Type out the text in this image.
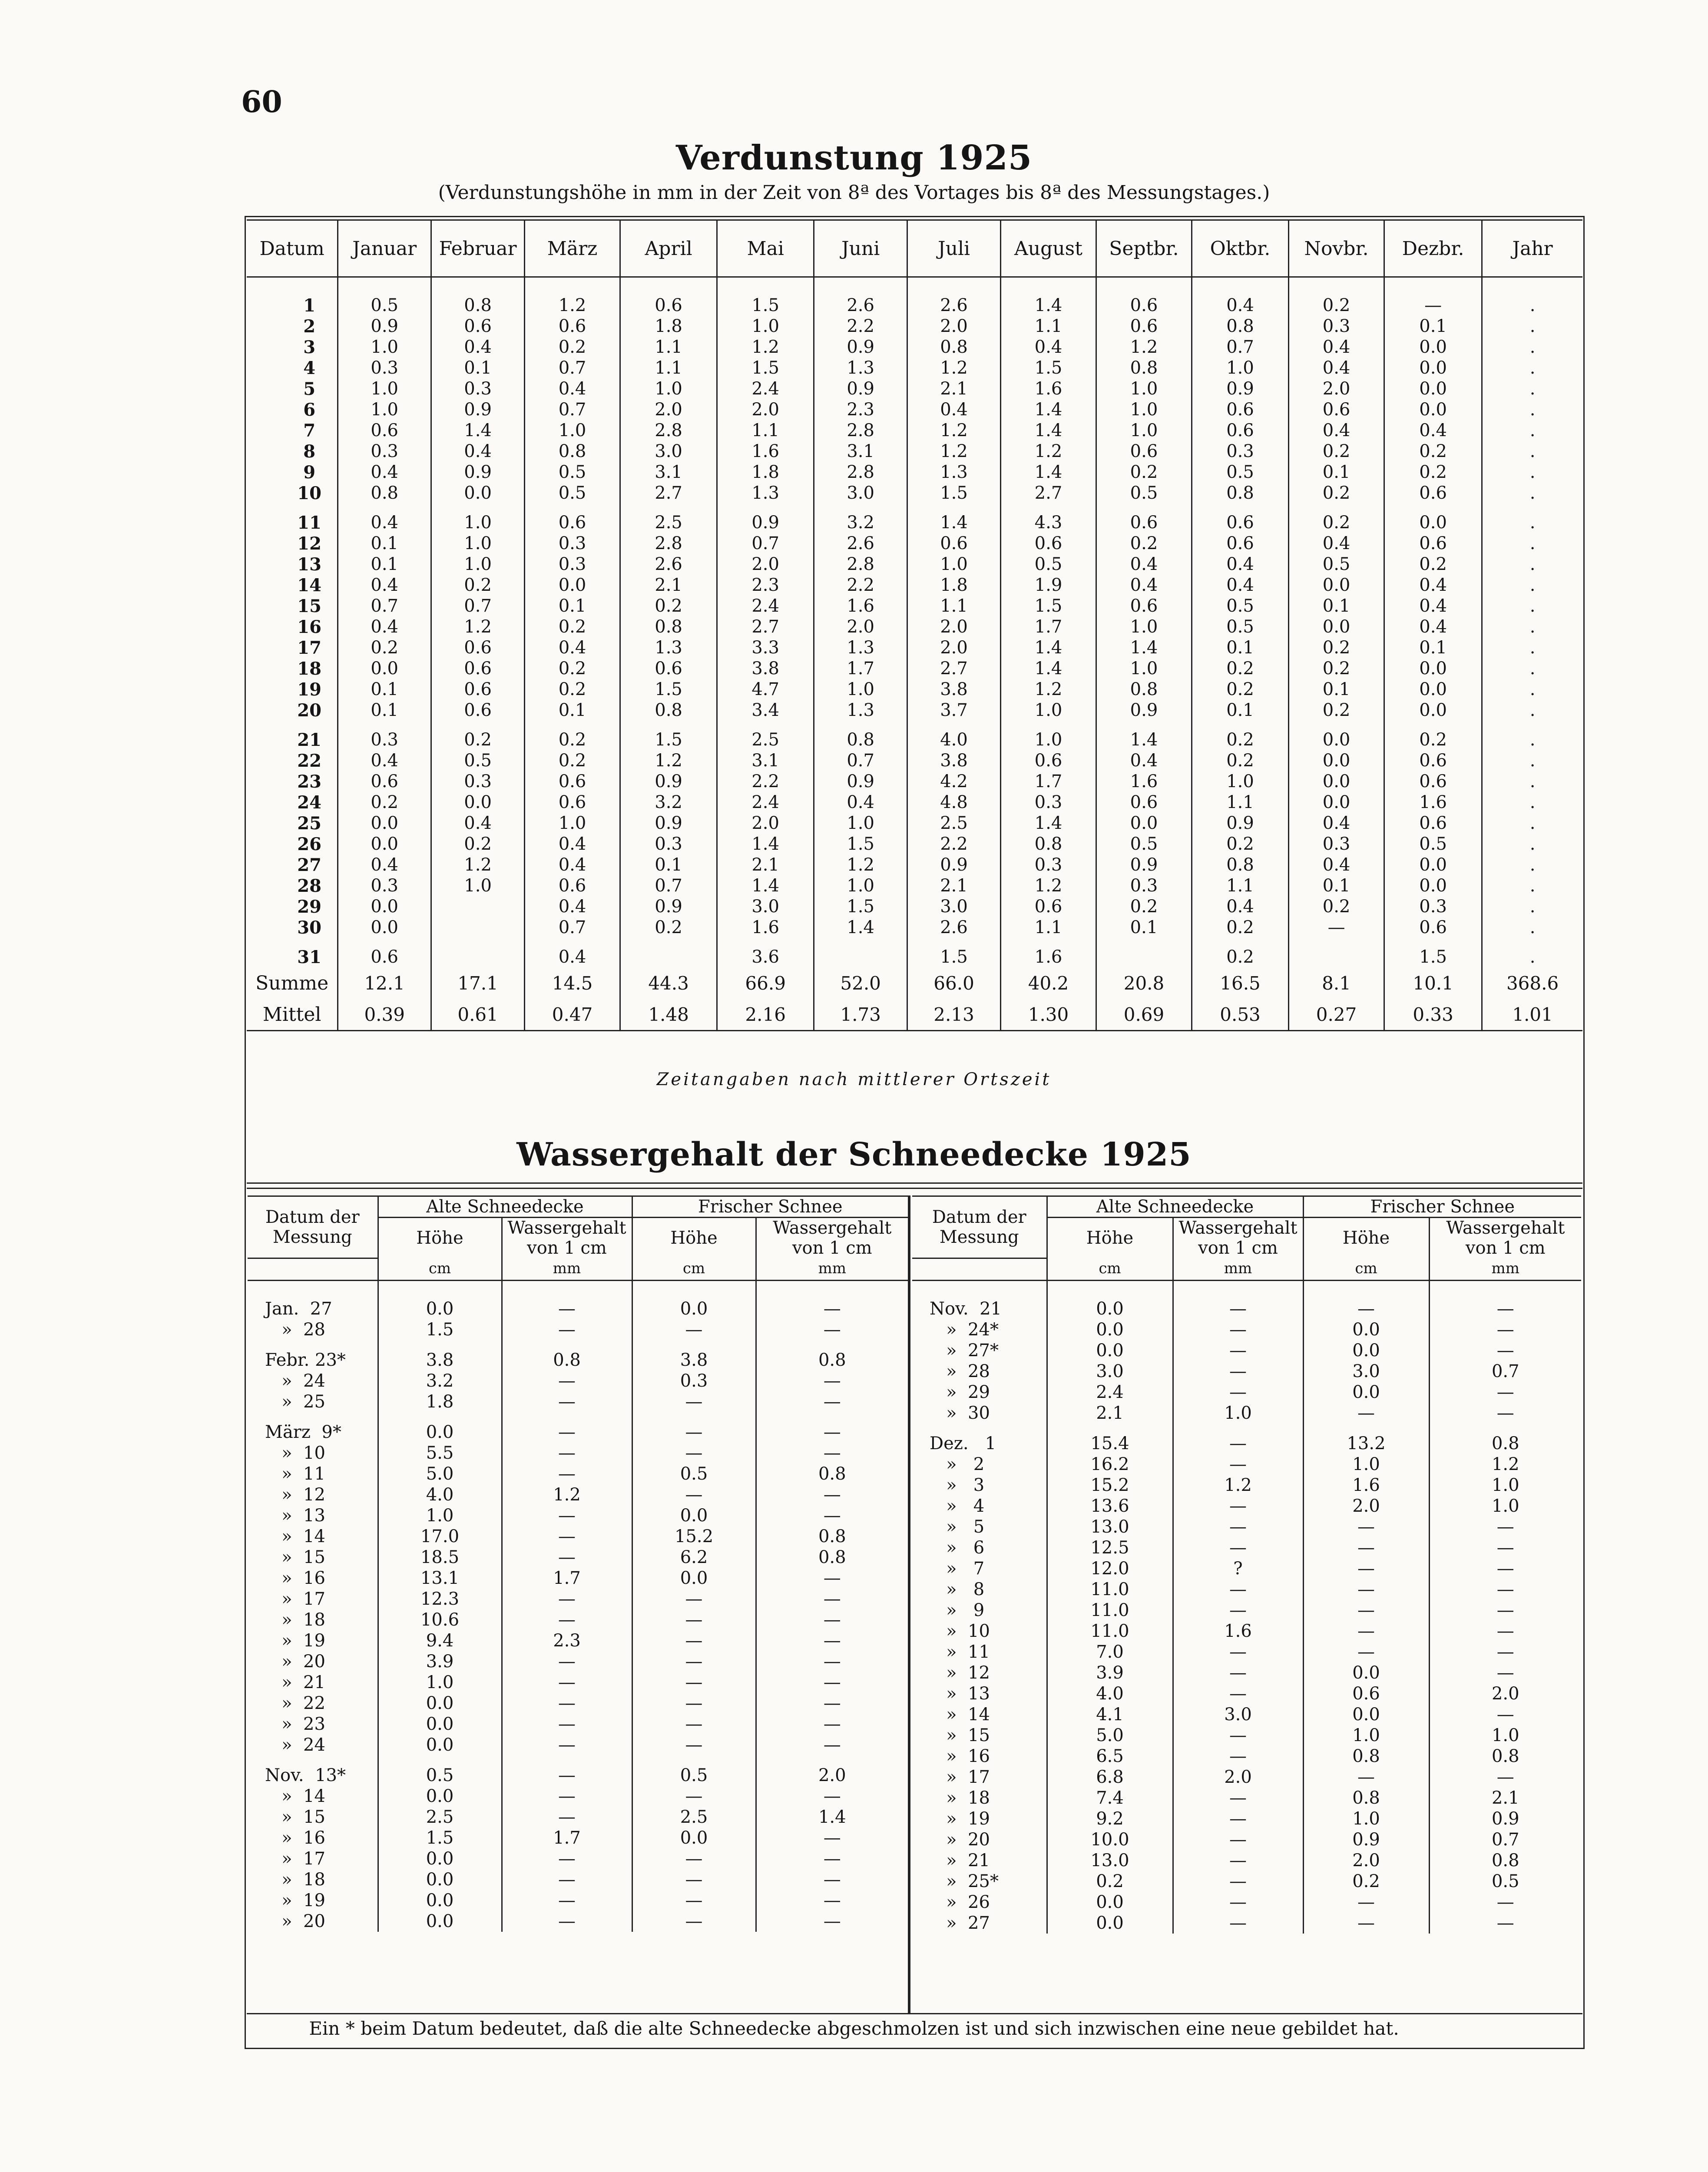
60
Verdunstung 1925
(Verdunstungshöhe in mm in der Zeit von 8ª des Vortages bis 8ª des Messungstages.)
Datum	Januar	Februar	März	April	Mai	Juni	Juli	August	Septbr.	Oktbr.	Novbr.	Dezbr.	Jahr

1	0.5	0.8	1.2	0.6	1.5	2.6	2.6	1.4	0.6	0.4	0.2	—	.
2	0.9	0.6	0.6	1.8	1.0	2.2	2.0	1.1	0.6	0.8	0.3	0.1	.
3	1.0	0.4	0.2	1.1	1.2	0.9	0.8	0.4	1.2	0.7	0.4	0.0	.
4	0.3	0.1	0.7	1.1	1.5	1.3	1.2	1.5	0.8	1.0	0.4	0.0	.
5	1.0	0.3	0.4	1.0	2.4	0.9	2.1	1.6	1.0	0.9	2.0	0.0	.
6	1.0	0.9	0.7	2.0	2.0	2.3	0.4	1.4	1.0	0.6	0.6	0.0	.
7	0.6	1.4	1.0	2.8	1.1	2.8	1.2	1.4	1.0	0.6	0.4	0.4	.
8	0.3	0.4	0.8	3.0	1.6	3.1	1.2	1.2	0.6	0.3	0.2	0.2	.
9	0.4	0.9	0.5	3.1	1.8	2.8	1.3	1.4	0.2	0.5	0.1	0.2	.
10	0.8	0.0	0.5	2.7	1.3	3.0	1.5	2.7	0.5	0.8	0.2	0.6	.

11	0.4	1.0	0.6	2.5	0.9	3.2	1.4	4.3	0.6	0.6	0.2	0.0	.
12	0.1	1.0	0.3	2.8	0.7	2.6	0.6	0.6	0.2	0.6	0.4	0.6	.
13	0.1	1.0	0.3	2.6	2.0	2.8	1.0	0.5	0.4	0.4	0.5	0.2	.
14	0.4	0.2	0.0	2.1	2.3	2.2	1.8	1.9	0.4	0.4	0.0	0.4	.
15	0.7	0.7	0.1	0.2	2.4	1.6	1.1	1.5	0.6	0.5	0.1	0.4	.
16	0.4	1.2	0.2	0.8	2.7	2.0	2.0	1.7	1.0	0.5	0.0	0.4	.
17	0.2	0.6	0.4	1.3	3.3	1.3	2.0	1.4	1.4	0.1	0.2	0.1	.
18	0.0	0.6	0.2	0.6	3.8	1.7	2.7	1.4	1.0	0.2	0.2	0.0	.
19	0.1	0.6	0.2	1.5	4.7	1.0	3.8	1.2	0.8	0.2	0.1	0.0	.
20	0.1	0.6	0.1	0.8	3.4	1.3	3.7	1.0	0.9	0.1	0.2	0.0	.

21	0.3	0.2	0.2	1.5	2.5	0.8	4.0	1.0	1.4	0.2	0.0	0.2	.
22	0.4	0.5	0.2	1.2	3.1	0.7	3.8	0.6	0.4	0.2	0.0	0.6	.
23	0.6	0.3	0.6	0.9	2.2	0.9	4.2	1.7	1.6	1.0	0.0	0.6	.
24	0.2	0.0	0.6	3.2	2.4	0.4	4.8	0.3	0.6	1.1	0.0	1.6	.
25	0.0	0.4	1.0	0.9	2.0	1.0	2.5	1.4	0.0	0.9	0.4	0.6	.
26	0.0	0.2	0.4	0.3	1.4	1.5	2.2	0.8	0.5	0.2	0.3	0.5	.
27	0.4	1.2	0.4	0.1	2.1	1.2	0.9	0.3	0.9	0.8	0.4	0.0	.
28	0.3	1.0	0.6	0.7	1.4	1.0	2.1	1.2	0.3	1.1	0.1	0.0	.
29	0.0		0.4	0.9	3.0	1.5	3.0	0.6	0.2	0.4	0.2	0.3	.
30	0.0		0.7	0.2	1.6	1.4	2.6	1.1	0.1	0.2	—	0.6	.

31	0.6		0.4		3.6		1.5	1.6		0.2		1.5	.
Summe	12.1	17.1	14.5	44.3	66.9	52.0	66.0	40.2	20.8	16.5	8.1	10.1	368.6
Mittel	0.39	0.61	0.47	1.48	2.16	1.73	2.13	1.30	0.69	0.53	0.27	0.33	1.01
Zeitangaben nach mittlerer Ortszeit
Wassergehalt der Schneedecke 1925
Datum der Messung	Alte Schneedecke		Frischer Schnee	
	Höhe	Wassergehalt von 1 cm	Höhe	Wassergehalt von 1 cm
	cm	mm	cm	mm

Jan.  27	0.0	—	0.0	—
»  28	1.5	—	—	—

Febr. 23*	3.8	0.8	3.8	0.8
»  24	3.2	—	0.3	—
»  25	1.8	—	—	—

März  9*	0.0	—	—	—
»  10	5.5	—	—	—
»  11	5.0	—	0.5	0.8
»  12	4.0	1.2	—	—
»  13	1.0	—	0.0	—
»  14	17.0	—	15.2	0.8
»  15	18.5	—	6.2	0.8
»  16	13.1	1.7	0.0	—
»  17	12.3	—	—	—
»  18	10.6	—	—	—
»  19	9.4	2.3	—	—
»  20	3.9	—	—	—
»  21	1.0	—	—	—
»  22	0.0	—	—	—
»  23	0.0	—	—	—
»  24	0.0	—	—	—

Nov.  13*	0.5	—	0.5	2.0
»  14	0.0	—	—	—
»  15	2.5	—	2.5	1.4
»  16	1.5	1.7	0.0	—
»  17	0.0	—	—	—
»  18	0.0	—	—	—
»  19	0.0	—	—	—
»  20	0.0	—	—	—
Datum der Messung	Alte Schneedecke		Frischer Schnee	
	Höhe	Wassergehalt von 1 cm	Höhe	Wassergehalt von 1 cm
	cm	mm	cm	mm

Nov.  21	0.0	—	—	—
»  24*	0.0	—	0.0	—
»  27*	0.0	—	0.0	—
»  28	3.0	—	3.0	0.7
»  29	2.4	—	0.0	—
»  30	2.1	1.0	—	—

Dez.   1	15.4	—	13.2	0.8
»   2	16.2	—	1.0	1.2
»   3	15.2	1.2	1.6	1.0
»   4	13.6	—	2.0	1.0
»   5	13.0	—	—	—
»   6	12.5	—	—	—
»   7	12.0	?	—	—
»   8	11.0	—	—	—
»   9	11.0	—	—	—
»  10	11.0	1.6	—	—
»  11	7.0	—	—	—
»  12	3.9	—	0.0	—
»  13	4.0	—	0.6	2.0
»  14	4.1	3.0	0.0	—
»  15	5.0	—	1.0	1.0
»  16	6.5	—	0.8	0.8
»  17	6.8	2.0	—	—
»  18	7.4	—	0.8	2.1
»  19	9.2	—	1.0	0.9
»  20	10.0	—	0.9	0.7
»  21	13.0	—	2.0	0.8
»  25*	0.2	—	0.2	0.5
»  26	0.0	—	—	—
»  27	0.0	—	—	—
Ein * beim Datum bedeutet, daß die alte Schneedecke abgeschmolzen ist und sich inzwischen eine neue gebildet hat.
